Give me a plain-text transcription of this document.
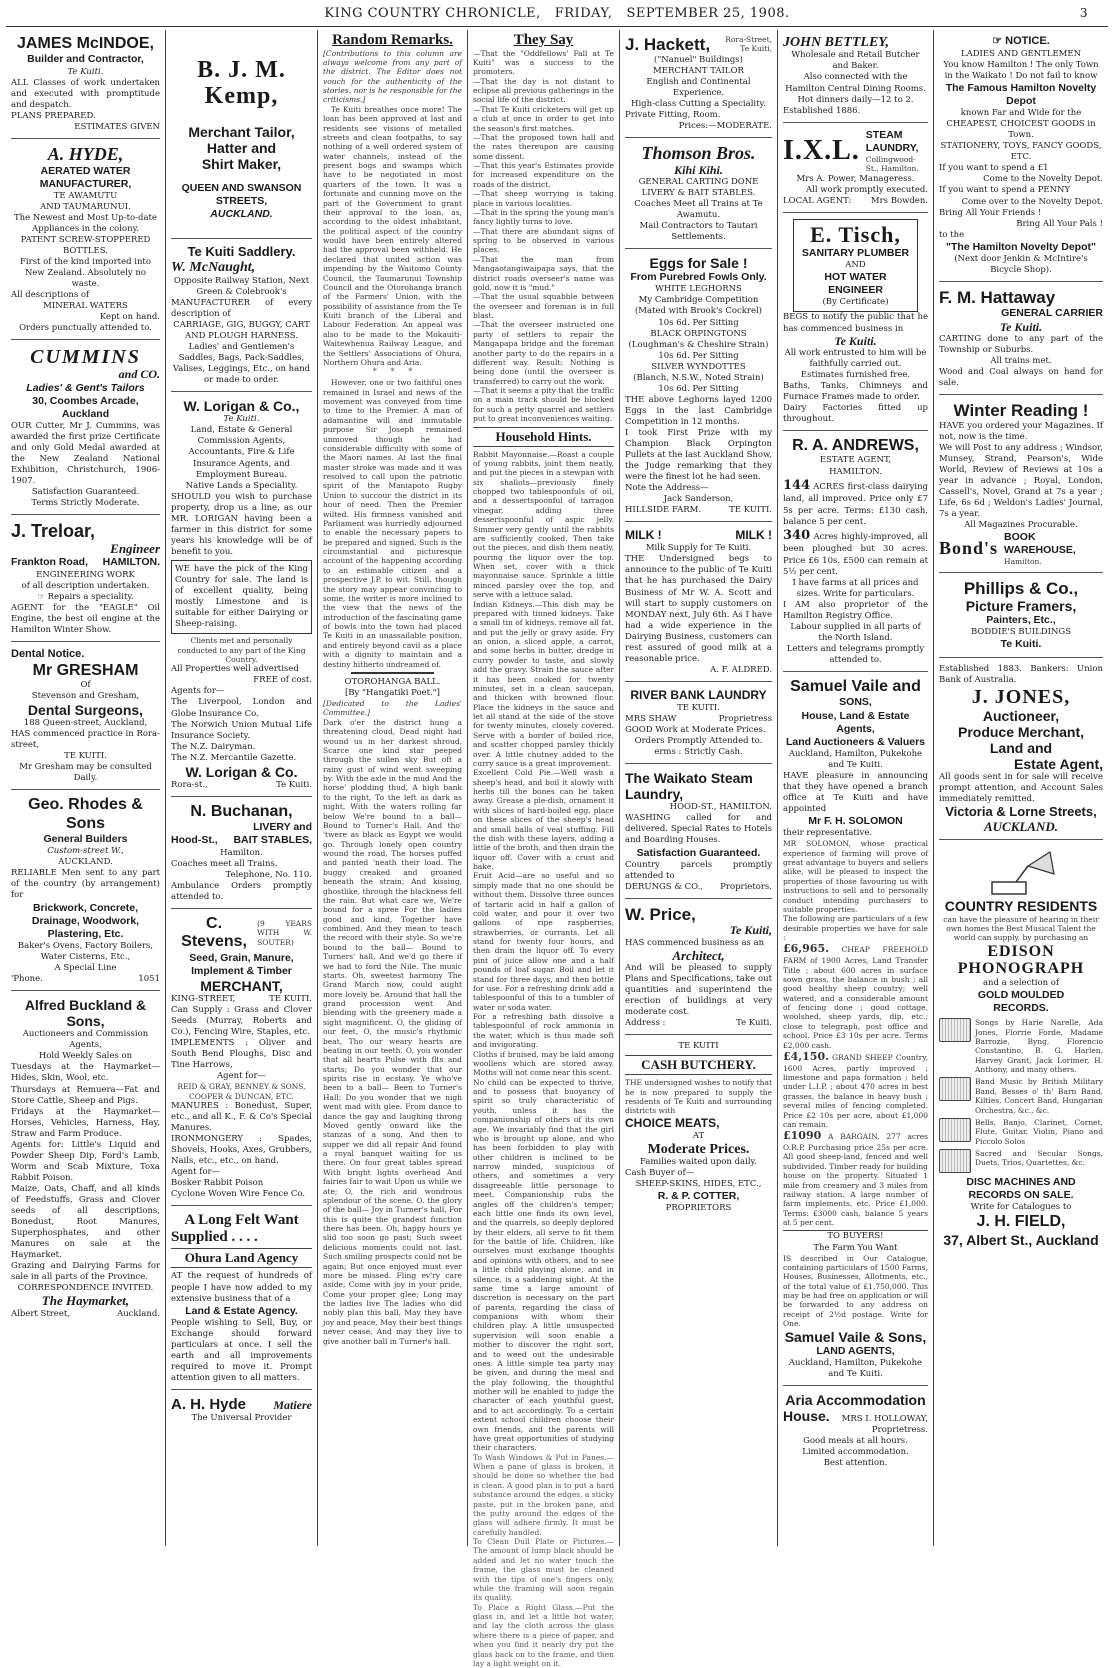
KING COUNTRY CHRONICLE, FRIDAY, SEPTEMBER 25, 1908.	3
JAMES McINDOE,
Builder and Contractor,
Te Kuiti.
ALL Classes of work undertaken and executed with promptitude and despatch.
PLANS PREPARED.
ESTIMATES GIVEN
A. HYDE,
AERATED WATER MANUFACTURER,
TE AWAMUTU
AND TAUMARUNUI.
The Newest and Most Up-to-date Appliances in the colony.
PATENT SCREW-STOPPERED BOTTLES.
First of the kind imported into New Zealand. Absolutely no waste.
All descriptions of
MINERAL WATERS
Kept on hand.
Orders punctually attended to.
CUMMINS
and CO.
Ladies' & Gent's Tailors
30, Coombes Arcade, Auckland
OUR Cutter, Mr J. Cummins, was awarded the first prize Certificate and only Gold Medal awarded at the New Zealand National Exhibition, Christchurch, 1906-1907.
Satisfaction Guaranteed.
Terms Strictly Moderate.
J. Treloar,
Engineer
Frankton Road, HAMILTON.
ENGINEERING WORK
of all description undertaken.
☞ Repairs a speciality.
AGENT for the "EAGLE" Oil Engine, the best oil engine at the Hamilton Winter Show.
Dental Notice.
Mr GRESHAM
Of
Stevenson and Gresham,
Dental Surgeons,
188 Queen-street, Auckland,
HAS commenced practice in Rora-street,
TE KUITI.
Mr Gresham may be consulted Daily.
Geo. Rhodes & Sons
General Builders
Custom-street W.,
AUCKLAND.
RELIABLE Men sent to any part of the country (by arrangement) for
Brickwork, Concrete, Drainage, Woodwork, Plastering, Etc.
Baker's Ovens, Factory Boilers, Water Cisterns, Etc.,
A Special Line
'Phone.	1051
Alfred Buckland & Sons,
Auctioneers and Commission Agents,
Hold Weekly Sales on
Tuesdays at the Haymarket—Hides, Skin, Wool, etc.
Thursdays at Remuera—Fat and Store Cattle, Sheep and Pigs.
Fridays at the Haymarket—Horses, Vehicles, Harness, Hay, Straw and Farm Produce.
Agents for: Little's Liquid and Powder Sheep Dip, Ford's Lamb, Worm and Scab Mixture, Toxa Rabbit Poison.
Maize, Oats, Chaff, and all kinds of Feedstuffs, Grass and Clover seeds of all descriptions, Bonedust, Root Manures, Superphosphates, and other Manures on sale at the Haymarket.
Grazing and Dairying Farms for sale in all parts of the Province.
CORRESPONDENCE INVITED.
The Haymarket,
Albert Street,	Auckland.
B. J. M. Kemp,
Merchant Tailor,
Hatter and
Shirt Maker,
QUEEN AND SWANSON STREETS,
AUCKLAND.
Te Kuiti Saddlery.
W. McNaught,
Opposite Railway Station, Next Green & Colebrook's
MANUFACTURER of every description of
CARRIAGE, GIG, BUGGY, CART AND PLOUGH HARNESS.
Ladies' and Gentlemen's Saddles, Bags, Pack-Saddles, Valises, Leggings, Etc., on hand or made to order.
W. Lorigan & Co.,
Te Kuiti.
Land, Estate & General Commission Agents, Accountants, Fire & Life Insurance Agents, and Employment Bureau.
Native Lands a Speciality.
SHOULD you wish to purchase property, drop us a line, as our MR. LORIGAN having been a farmer in this district for some years his knowledge will be of benefit to you.
WE have the pick of the King Country for sale. The land is of excellent quality, being mostly Limestone and is suitable for either Dairying or Sheep-raising.
Clients met and personally conducted to any part of the King Country.
All Properties well advertised
FREE of cost.
Agents for—
The Liverpool, London and Globe Insurance Co.
The Norwich Union Mutual Life Insurance Society.
The N.Z. Dairyman.
The N.Z. Mercantile Gazette.
W. Lorigan & Co.
Rora-st.,	Te Kuiti.
N. Buchanan,
LIVERY and
Hood-St., BAIT STABLES,
Hamilton.
Coaches meet all Trains.
Telephone, No. 110.
Ambulance Orders promptly attended to.
C. Stevens,
(9 YEARS WITH W. SOUTER)
Seed, Grain, Manure, Implement & Timber
MERCHANT,
KING-STREET,	TE KUITI.
Can Supply : Grass and Clover Seeds (Murray, Roberts and Co.), Fencing Wire, Staples, etc.
IMPLEMENTS : Oliver and South Bend Ploughs, Disc and Tine Harrows,
Agent for—
REID & GRAY, BENNEY & SONS, COOPER & DUNCAN, ETC.
MANURES : Bonedust, Super, etc., and all K., F. & Co's Special Manures.
IRONMONGERY : Spades, Shovels, Hooks, Axes, Grubbers, Nails, etc., etc., on hand.
Agent for—
Bosker Rabbit Poison
Cyclone Woven Wire Fence Co.
A Long Felt Want
Supplied . . . .
Ohura Land Agency
AT the request of hundreds of people I have now added to my extensive business that of a
Land & Estate Agency.
People wishing to Sell, Buy, or Exchange should forward particulars at once. I sell the earth and all improvements required to move it. Prompt attention given to all matters.
A. H. Hyde Matiere
The Universal Provider
Random Remarks.
[Contributions to this column are always welcome from any part of the district. The Editor does not vouch for the authenticity of the stories, nor is he responsible for the criticisms.]
Te Kuiti breathes once more! The loan has been approved at last and residents see visions of metalled streets and clean footpaths, to say nothing of a well ordered system of water channels, instead of the present bogs and swamps which have to be negotiated in most quarters of the town. It was a fortunate and cunning move on the part of the Government to grant their approval to the loan, as, according to the oldest inhabitant, the political aspect of the country would have been entirely altered had the approval been withheld. He declared that united action was impending by the Waitomo County Council, the Taumarunui Township Council and the Otorohanga branch of the Farmers' Union, with the possibility of assistance from the Te Kuiti branch of the Liberal and Labour Federation. An appeal was also to be made to the Mokauiti-Waitewhenua Railway League, and the Settlers' Associations of Ohura, Northern Ohura and Aria.
*     *     *
However, one or two faithful ones remained in Israel and news of the movement was conveyed from time to time to the Premier. A man of adamantine will and immutable purpose Sir Joseph remained unmoved though he had considerable difficulty with some of the Maori names. At last the final master stroke was made and it was resolved to call upon the patriotic spirit of the Maniapoto Rugby Union to succour the district in its hour of need. Then the Premier wilted. His firmness vanished and Parliament was hurriedly adjourned to enable the necessary papers to be prepared and signed. Such is the circumstantial and picturesque account of the happening according to an estimable citizen and a prospective J.P. to wit. Still, though the story may appear convincing to some, the writer is more inclined to the view that the news of the introduction of the fascinating game of bowls into the town had placed Te Kuiti in an unassailable position, and entirely beyond cavil as a place with a dignity to maintain and a destiny hitherto undreamed of.
OTOROHANGA BALL.
[By "Hangatiki Poet."]
[Dedicated to the Ladies' Committee.]
Dark o'er the district hung a threatening cloud, Dead night had wound us in her darkest shroud, Scarce one kind star peeped through the sullen sky But oft a rainy gust of wind went sweeping by. With the axle in the mud And the horse' plodding thud, A high bank to the right, To the left as dark as night, With the waters rolling far below We're bound to a ball— Bound to Turner's Hall, And tho' 'twere as black as Egypt we would go. Through lonely open country wound the road, The horses puffed and panted 'neath their load. The buggy creaked and groaned beneath the strain; And kissing, ghostlike, through the blackness fell the rain. But what care we, We're bound for a spree For the ladies good and kind, Together have combined, And they mean to teach the record with their style. So we're bound to the ball— Bound to Turners' hall, And we'd go there if we had to ford the Nile. The music starts. Oh, sweetest harmony The Grand March now, could aught more lovely be. Around that hall the grand procession went And blending with the greenery made a sight magnificent. O, the gliding of our feet, O, the music's rhythmic beat, Tho our weary hearts are beating in our teeth. O, you wonder that all hearts Pulse with flts and starts; Do you wonder that our spirits rise in ecstasy. Ye who've been to a ball— Been to Turner's Hall; Do you wonder that we nigh went mad with glee. From dance to dance the gay and laughing throng Moved gently onward like the stanzas of a song, And then to supper we did all repair And found a royal banquet waiting for us there. On four great tables spread With bright lights overhead And fairies fair to wait Upon us while we ate; O, the rich and wondrous splendour of the scene. O, the glory of the ball— Joy in Turner's hall, For this is quite the grandest function there has been. Oh, happy hours ye slid too soon go past; Such sweet delicious moments could not last. Such smiling prospects could not be again; But once enjoyed must ever more be missed. Fling ev'ry care aside, Come with joy in your pride, Come your proper glee; Long may the ladies live The ladies who did nobly plan this ball, May they have joy and peace, May their best things never cease, And may they live to give another ball in Turner's hall.
They Say
—That the "Oddfellows' Fall at Te Kuiti" was a success to the promoters.
—That the day is not distant to eclipse all previous gatherings in the social life of the district.
—That Te Kuiti cricketers will get up a club at once in order to get into the season's first matches.
—That the proposed town hall and the rates thereupon are causing some dissent.
—That this year's Estimates provide for increased expenditure on the roads of the district.
—That sheep worrying is taking place in various localities.
—That in the spring the young man's fancy lightly turns to love.
—That there are abundant signs of spring to be observed in various places.
—That the man from Mangaotangiwaipapa says, that the district roads overseer's name was gold, now it is "mud."
—That the usual squabble between the overseer and foreman is in full blast.
—That the overseer instructed one party of settlers to repair the Mangapapa bridge and the foreman another party to do the repairs in a different way. Result: Nothing is being done (until the overseer is transferred) to carry out the work.
—That it seems a pity that the traffic on a main track should be blocked for such a petty quarrel and settlers put to great inconveniences waiting.
Household Hints.
Rabbit Mayonnaise.—Roast a couple of young rabbits, joint them neatly, and put the pieces in a stewpan with six shallots—previously finely chopped two tablespoonfuls of oil, and a dessertspoonful of tarragon vinegar, adding three dessertspoonful of aspic jelly. Simmer very gently until the rabbits are sufficiently cooked. Then take out the pieces, and dish them neatly, pouring the liquor over the top. When set, cover with a thick mayonnaise sauce. Sprinkle a little minced parsley over the top, and serve with a lettuce salad.
Indian Kidneys.—This dish may be prepared with tinned kidneys. Take a small tin of kidneys, remove all fat, and put the jelly or gravy aside. Fry an onion, a sliced apple, a carrot, and some herbs in butter, dredge in curry powder to taste, and slowly add the gravy. Strain the sauce after it has been cooked for twenty minutes, set in a clean saucepan, and thicken with browned flour. Place the kidneys in the sauce and let all stand at the side of the stove for twenty minutes, closely covered. Serve with a border of boiled rice, and scatter chopped parsley thickly over. A little chutney added to the curry sauce is a great improvement.
Excellent Cold Pie.—Well wash a sheep's head, and boil it slowly with herbs till the bones can be taken away. Grease a pie-dish, ornament it with slices of hard-boiled egg, place on these slices of the sheep's head and small balls of veal stuffing. Fill the dish with these layers, adding a little of the broth, and then drain the liquor off. Cover with a crust and bake.
Fruit Acid—are so useful and so simply made that no one should be without them. Dissolve three ounces of tartaric acid in half a gallon of cold water, and pour it over two gallons of ripe raspberries, strawberries, or currants. Let all stand for twenty four hours, and then drain the liquor off. To every pint of juice allow one and a half pounds of loaf sugar. Boil and let it stand for three days, and then bottle for use. For a refreshing drink add a tablespoonful of this to a tumbler of water or soda water.
For a refreshing bath dissolve a tablespoonful of rock ammonia in the water, which is thus made soft and invigorating.
Cloths if bruised, may be laid among woollens which are stored away. Moths will not come near this scent.
No child can be expected to thrive, and to possess that buoyancy of spirit so truly characteristic of youth, unless it has the companionship of others of its own age. We invariably find that the girl who is brought up alone, and who has been forbidden to play with other children is inclined to be narrow minded, suspicious of others, and sometimes a very disagreeable little personage to meet. Companionship rubs the angles off the children's temper; each little one finds its own level, and the quarrels, so deeply deplored by their elders, all serve to fit them for the battle of life. Children, like ourselves must exchange thoughts and opinions with others, and to see a little child playing alone, and in silence, is a saddening sight. At the same time a large amount of discretion is necessary on the part of parents, regarding the class of companions with whom their children play. A little unsuspected supervision will soon enable a mother to discover the right sort, and to weed out the undesirable ones. A little simple tea party may be given, and during the meal and the play following, the thoughtful mother will be enabled to judge the character of each youthful guest, and to act accordingly. To a certain extent school children choose their own friends, and the parents will have great opportunities of studying their characters.
To Wash Windows & Put in Panes.—When a pane of glass is broken, it should be done so whether the bad is clean. A good plan is to put a hard substance around the edges, a sticky paste, put in the broken pane, and the putty around the edges of the glass will adhere firmly. It must be carefully handled.
To Clean Dull Plate or Pictures.—The amount of lump black should be added and let no water touch the frame, the glass must be cleaned with the tips of one's fingers only, while the framing will soon regain its quality.
To Place a Right Glass.—Put the glass in, and let a little hot water, and lay the cloth across the glass where there is a piece of paper, and when you find it nearly dry put the glass back on to the frame, and then lay a light weight on it.
J. Hackett,	Rora-Street, Te Kuiti,
("Nanuel" Buildings)
MERCHANT TAILOR
English and Continental Experience.
High-class Cutting a Speciality.
Private Fitting, Room.
Prices:—MODERATE.
Thomson Bros.
Kihi Kihi.
GENERAL CARTING DONE
LIVERY & BAIT STABLES.
Coaches Meet all Trains at Te Awamutu.
Mail Contractors to Tautari Settlements.
Eggs for Sale !
From Purebred Fowls Only.
WHITE LEGHORNS
My Cambridge Competition (Mated with Brook's Cockrel)
10s 6d. Per Sitting
BLACK ORPINGTONS
(Loughman's & Cheshire Strain)
10s 6d. Per Sitting
SILVER WYNDOTTES
(Blanch, N.S.W., Noted Strain)
10s 6d. Per Sitting
THE above Leghorns layed 1200 Eggs in the last Cambridge Competition in 12 months.
I took First Prize with my Champion Black Orpington Pullets at the last Auckland Show, the Judge remarking that they were the finest lot he had seen.
Note the Address—
Jack Sanderson,
HILLSIDE FARM.	TE KUITI.
MILK !	MILK !
Milk Supply for Te Kuiti.
THE Undersigned begs to announce to the public of Te Kuiti that he has purchased the Dairy Business of Mr W. A. Scott and will start to supply customers on MONDAY next, July 6th. As I have had a wide experience in the Dairying Business, customers can rest assured of good milk at a reasonable price.
A. F. ALDRED.
RIVER BANK LAUNDRY
TE KUITI.
MRS SHAW	Proprietress
GOOD Work at Moderate Prices.
Orders Promptly Attended to.
erms : Strictly Cash.
The Waikato Steam Laundry,
HOOD-ST., HAMILTON.
WASHING called for and delivered. Special Rates to Hotels and Boarding Houses.
Satisfaction Guaranteed.
Country parcels promptly attended to
DERUNGS & CO., Proprietors.
W. Price,
Te Kuiti,
HAS commenced business as an
Architect,
And will be pleased to supply Plans and Specifications, take out quantities and superintend the erection of buildings at very moderate cost.
Address :	Te Kuiti.
TE KUITI
CASH BUTCHERY.
THE undersigned wishes to notify that he is now prepared to supply the residents of Te Kuiti and surrounding districts with
CHOICE MEATS,
AT
Moderate Prices.
Families waited upon daily.
Cash Buyer of—
SHEEP-SKINS, HIDES, ETC.,
R. & P. COTTER,
PROPRIETORS
JOHN BETTLEY,
Wholesale and Retail Butcher and Baker.
Also connected with the Hamilton Central Dining Rooms.
Hot dinners daily—12 to 2.
Established 1886.
I.X.L.
STEAM LAUNDRY,
Collingwood-St., Hamilton.
Mrs A. Power, Manageress.
All work promptly executed.
LOCAL AGENT: Mrs Bowden.
E. Tisch,
SANITARY PLUMBER
AND
HOT WATER ENGINEER
(By Certificate)
BEGS to notify the public that he has commenced business in
Te Kuiti.
All work entrusted to him will be faithfully carried out.
Estimates furnished free.
Baths, Tanks, Chimneys and Furnace Frames made to order.
Dairy Factories fitted up throughout.
R. A. ANDREWS,
ESTATE AGENT,
HAMILTON.
144 ACRES first-class dairying land, all improved. Price only £7 5s per acre. Terms: £130 cash, balance 5 per cent.
340 Acres highly-improved, all been ploughed but 30 acres. Price £6 10s. £500 can remain at 5½ per cent.
I have farms at all prices and sizes. Write for particulars.
I AM also proprietor of the Hamilton Registry Office.
Labour supplied in all parts of the North Island.
Letters and telegrams promptly attended to.
Samuel Vaile and
SONS,
House, Land & Estate Agents,
Land Auctioneers & Valuers
Auckland, Hamilton, Pukekohe and Te Kuiti.
HAVE pleasure in announcing that they have opened a branch office at Te Kuiti and have appointed
Mr F. H. SOLOMON
their representative.
MR SOLOMON, whose practical experience of farming will prove of great advantage to buyers and sellers alike, will be pleased to inspect the properties of those favouring us with instructions to sell and to personally conduct intending purchasers to suitable properties.
The following are particulars of a few desirable properties we have for sale :
£6,965. CHEAP FREEHOLD FARM of 1900 Acres, Land Transfer Title ; about 600 acres in surface sown grass, the balance in bush ; all good healthy sheep country; well watered, and a considerable amount of fencing done ; good cottage, woolshed, sheep yards, dip, etc.; close to telegraph, post office and school. Price £3 10s per acre. Terms £2,000 cash.
£4,150. GRAND SHEEP Country, 1600 Acres, partly improved ; limestone and papa formation ; held under L.I.P. ; about 470 acres in best grasses, the balance in heavy bush ; several miles of fencing completed. Price £2 10s per acre, about £1,000 can remain.
£1090 A BARGAIN. 277 acres O.R.P. Purchasing price 25s per acre. All good sheep-land, fenced and well subdivided. Timber ready for building house on the property. Situated 1 mile from creamery and 3 miles from railway station. A large number of farm implements, etc. Price £1,000. Terms: £3000 cash, balance 5 years at 5 per cent.
TO BUYERS!
The Farm You Want
IS described in Our Catalogue, containing particulars of 1500 Farms, Houses, Businesses, Allotments, etc., of the total value of £1,750,000. This may be had free on application or will be forwarded to any address on receipt of 2½d postage. Write for One.
Samuel Vaile & Sons,
LAND AGENTS,
Auckland, Hamilton, Pukekohe and Te Kuiti.
Aria Accommodation
House. MRS I. HOLLOWAY,
Proprietress.
Good meals at all hours.
Limited accommodation.
Best attention.
☞ NOTICE.
LADIES AND GENTLEMEN
You know Hamilton ! The only Town in the Waikato ! Do not fail to know
The Famous Hamilton Novelty Depot
known Far and Wide for the CHEAPEST, CHOICEST GOODS in Town.
STATIONERY, TOYS, FANCY GOODS, ETC.
If you want to spend a £1
Come to the Novelty Depot.
If you want to spend a PENNY
Come over to the Novelty Depot.
Bring All Your Friends !
Bring All Your Pals !
to the
"The Hamilton Novelty Depot"
(Next door Jenkin & McIntire's Bicycle Shop).
F. M. Hattaway
GENERAL CARRIER
Te Kuiti.
CARTING done to any part of the Township or Suburbs.
All trains met.
Wood and Coal always on hand for sale.
Winter Reading !
HAVE you ordered your Magazines. If not, now is the time.
We will Post to any address ; Windsor, Munsey, Strand, Pearson's, Wide World, Review of Reviews at 10s a year in advance ; Royal, London, Cassell's, Novel, Grand at 7s a year ; Life, 6s 6d ; Weldon's Ladies' Journal, 7s a year.
All Magazines Procurable.
Bond's
BOOK WAREHOUSE,
Hamilton.
Phillips & Co.,
Picture Framers,
Painters, Etc.,
BODDIE'S BUILDINGS
Te Kuiti.
Established 1883. Bankers: Union Bank of Australia.
J. JONES,
Auctioneer,
Produce Merchant,
Land and
Estate Agent,
All goods sent in for sale will receive prompt attention, and Account Sales immediately remitted.
Victoria & Lorne Streets,
AUCKLAND.
COUNTRY RESIDENTS
can have the pleasure of hearing in their own homes the Best Musical Talent the world can supply, by purchasing an
EDISON
PHONOGRAPH
and a selection of
GOLD MOULDED
RECORDS.
Songs by Harie Narelle, Ada Jones, Florrie Forde, Madame Barrozie, Byng, Florencio Constantino, B. G. Harlen, Harvey Grant, Jack Lorimer, H. Anthony, and many others.
Band Music by British Military Band, Besses o' th' Barn Band, Kilties, Concert Band, Hungarian Orchestra, &c., &c.
Bells, Banjo, Clarinet, Cornet, Flute, Guitar, Violin, Piano and Piccolo Solos
Sacred and Secular Songs, Duets, Trios, Quartettes, &c.
DISC MACHINES AND RECORDS ON SALE.
Write for Catalogues to
J. H. FIELD,
37, Albert St., Auckland
